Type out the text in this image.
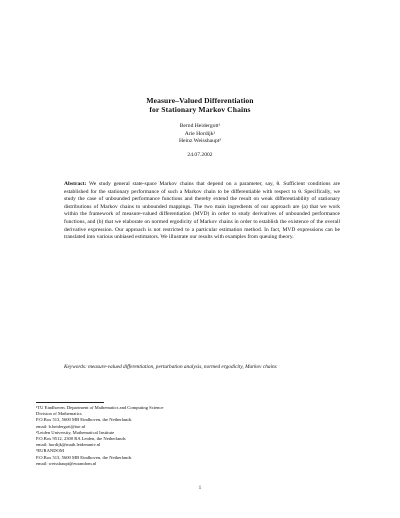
Measure–Valued Differentiation
for Stationary Markov Chains
Bernd Heidergott¹
Arie Hordijk²
Heinz Weisshaupt³
24.07.2002
Abstract: We study general state-space Markov chains that depend on a parameter, say, θ. Sufficient conditions are established for the stationary performance of such a Markov chain to be differentiable with respect to θ. Specifically, we study the case of unbounded performance functions and thereby extend the result on weak differentiability of stationary distributions of Markov chains to unbounded mappings. The two main ingredients of our approach are (a) that we work within the framework of measure-valued differentiation (MVD) in order to study derivatives of unbounded performance functions, and (b) that we elaborate on normed ergodicity of Markov chains in order to establish the existence of the overall derivative expression. Our approach is not restricted to a particular estimation method. In fact, MVD expressions can be translated into various unbiased estimators. We illustrate our results with examples from queuing theory.
Keywords: measure-valued differentiation, perturbation analysis, normed ergodicity, Markov chains
¹TU Eindhoven, Department of Mathematics and Computing Science
Division of Mathematics
P.O.Box 513, 5600 MB Eindhoven, the Netherlands
email: b.heidergott@tue.nl
²Leiden University, Mathematical Institute
P.O.Box 9512, 2300 RA Leiden, the Netherlands
email: hordijk@math.leidenuniv.nl
³EURANDOM
P.O.Box 513, 5600 MB Eindhoven, the Netherlands
email: weisshaupt@eurandom.nl
1
